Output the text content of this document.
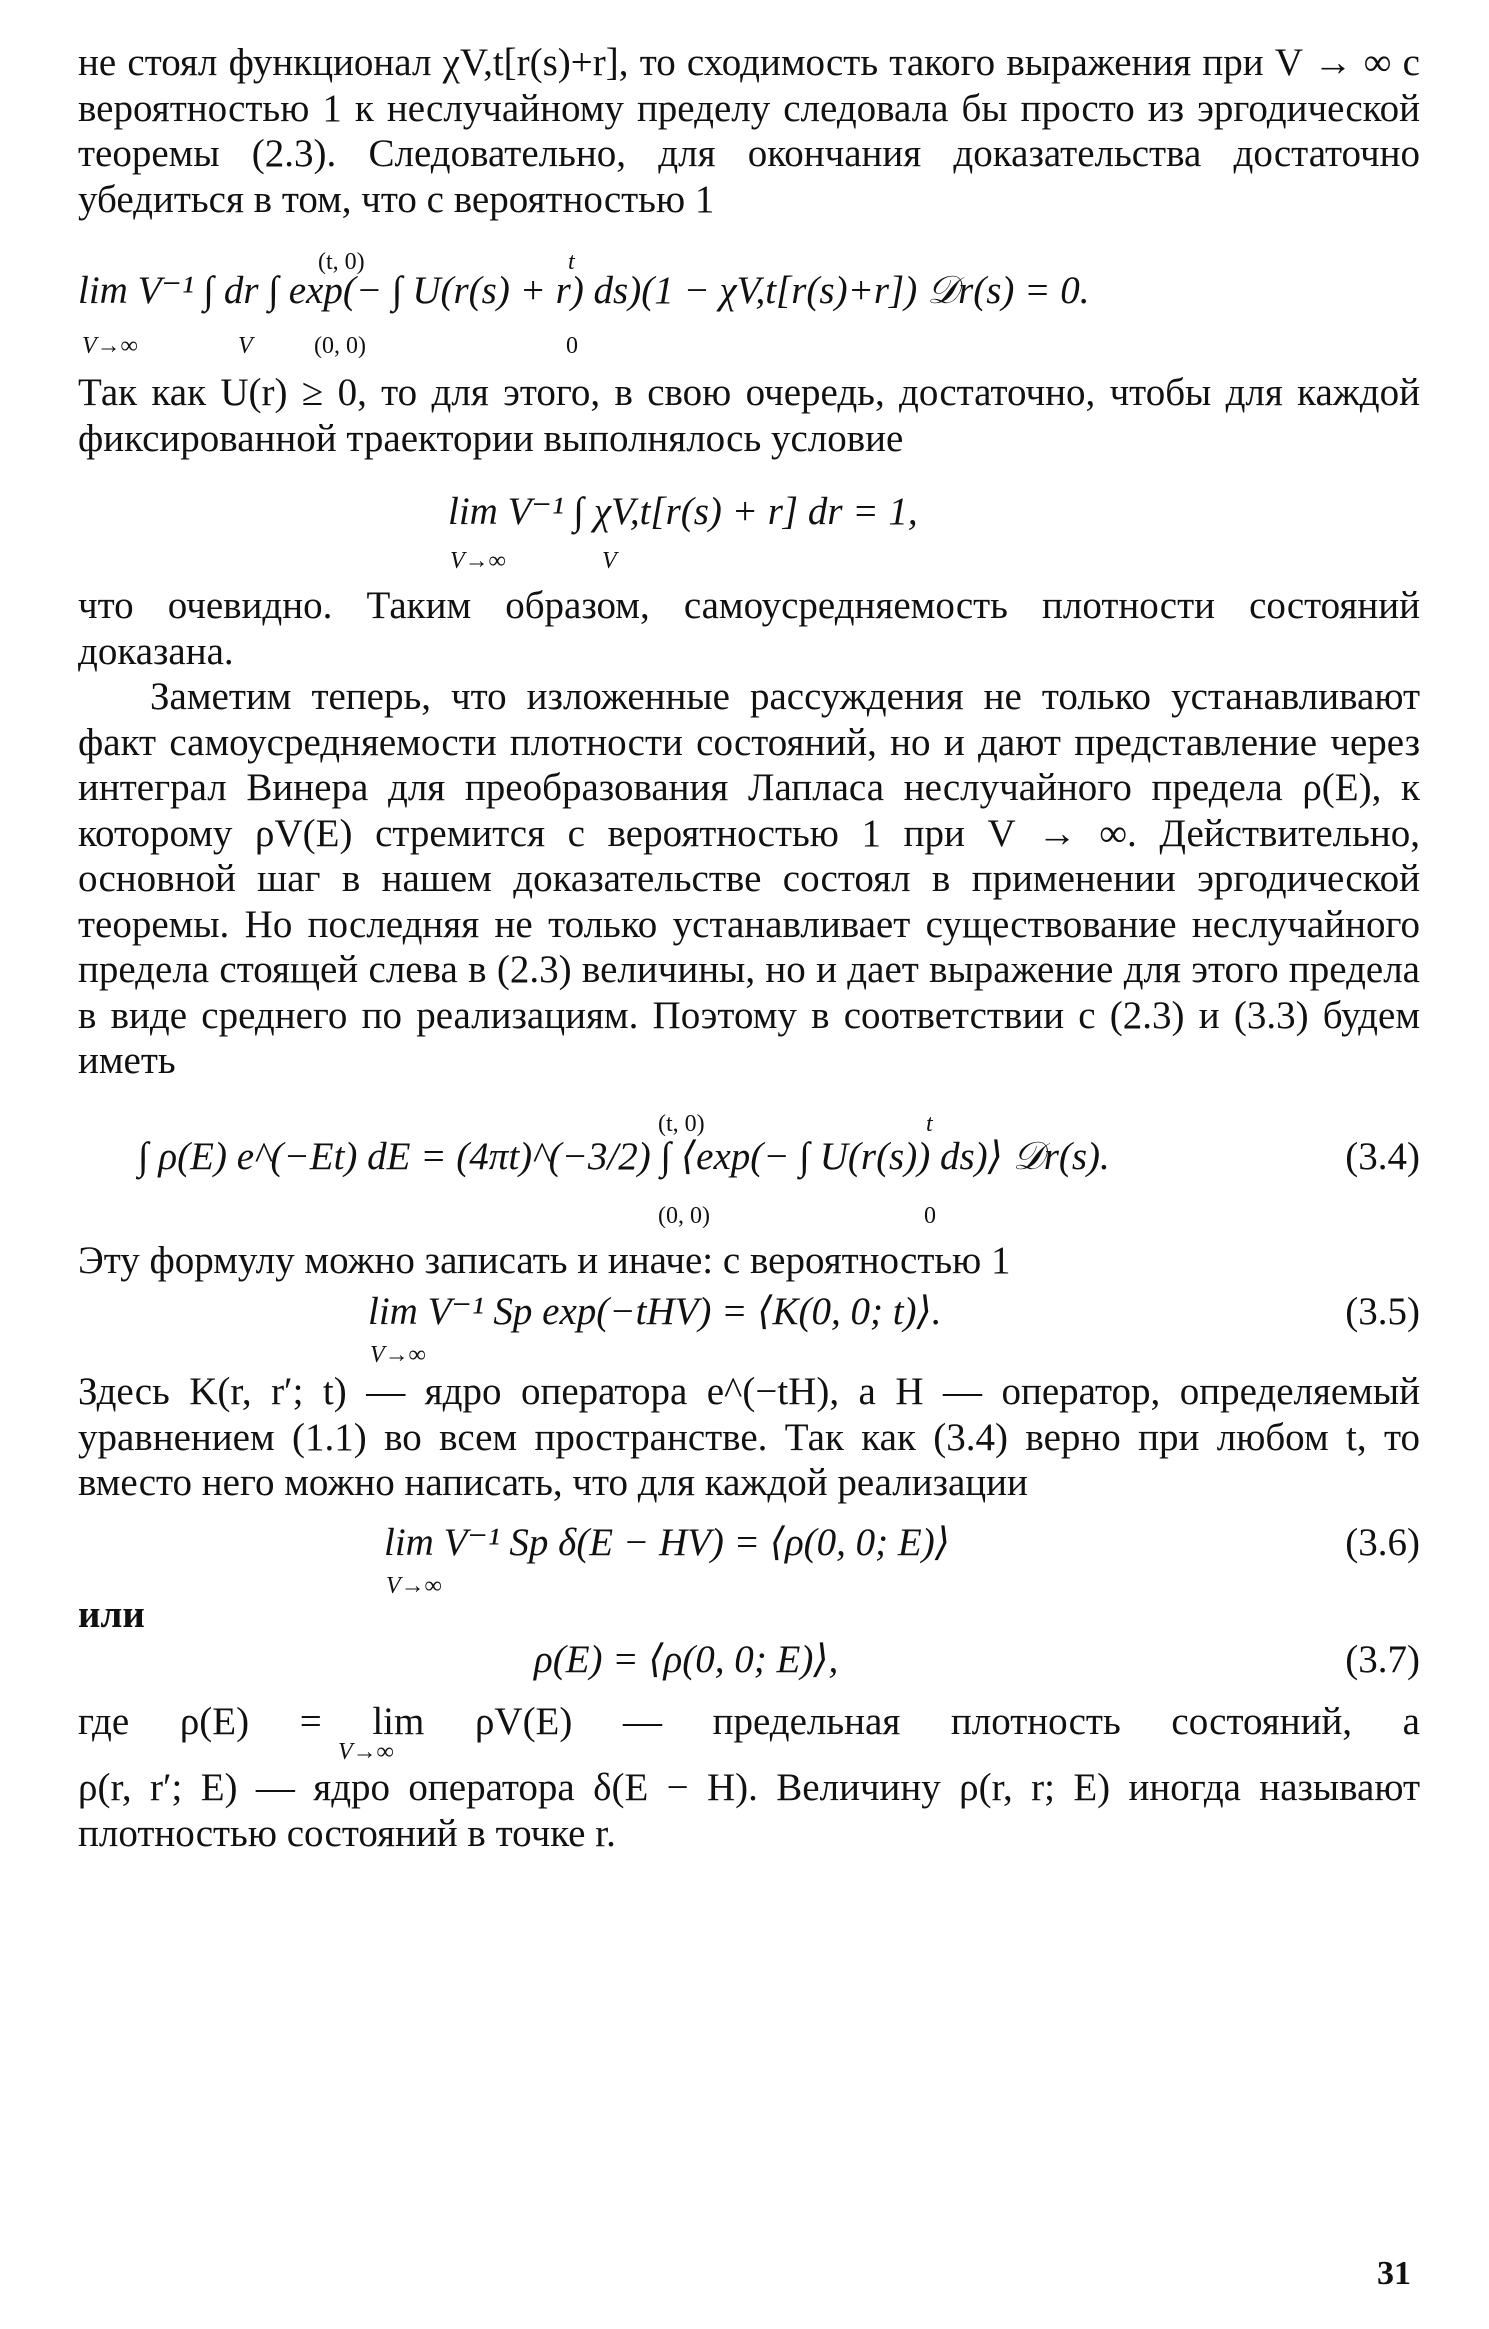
не стоял функционал χV,t[r(s)+r], то сходимость такого выражения при V → ∞ с вероятностью 1 к неслучайному пределу следовала бы просто из эргодической теоремы (2.3). Следовательно, для окончания доказательства достаточно убедиться в том, что с вероятностью 1

lim V⁻¹ ∫ dr ∫ exp(− ∫ U(r(s) + r) ds)(1 − χV,t[r(s)+r]) 𝒟r(s) = 0.
V→∞	V
(t, 0)
(0, 0)
t
0

Так как U(r) ≥ 0, то для этого, в свою очередь, достаточно, чтобы для каждой фиксированной траектории выполнялось условие

lim V⁻¹ ∫ χV,t[r(s) + r] dr = 1,
V→∞	V

что очевидно. Таким образом, самоусредняемость плотности состояний доказана.

Заметим теперь, что изложенные рассуждения не только устанавливают факт самоусредняемости плотности состояний, но и дают представление через интеграл Винера для преобразования Лапласа неслучайного предела ρ(E), к которому ρV(E) стремится с вероятностью 1 при V → ∞. Действительно, основной шаг в нашем доказательстве состоял в применении эргодической теоремы. Но последняя не только устанавливает существование неслучайного предела стоящей слева в (2.3) величины, но и дает выражение для этого предела в виде среднего по реализациям. Поэтому в соответствии с (2.3) и (3.3) будем иметь

∫ ρ(E) e^(−Et) dE = (4πt)^(−3/2) ∫ ⟨exp(− ∫ U(r(s)) ds)⟩ 𝒟r(s).
(t, 0)
(0, 0)
t
0
(3.4)

Эту формулу можно записать и иначе: с вероятностью 1

lim V⁻¹ Sp exp(−tHV) = ⟨K(0, 0; t)⟩.
V→∞
(3.5)

Здесь K(r, r′; t) — ядро оператора e^(−tH), а H — оператор, определяемый уравнением (1.1) во всем пространстве. Так как (3.4) верно при любом t, то вместо него можно написать, что для каждой реализации

lim V⁻¹ Sp δ(E − HV) = ⟨ρ(0, 0; E)⟩
V→∞
(3.6)

или

ρ(E) = ⟨ρ(0, 0; E)⟩,	(3.7)

где ρ(E) = lim ρV(E) — предельная плотность состояний, а

V→∞

ρ(r, r′; E) — ядро оператора δ(E − H). Величину ρ(r, r; E) иногда называют плотностью состояний в точке r.

31
